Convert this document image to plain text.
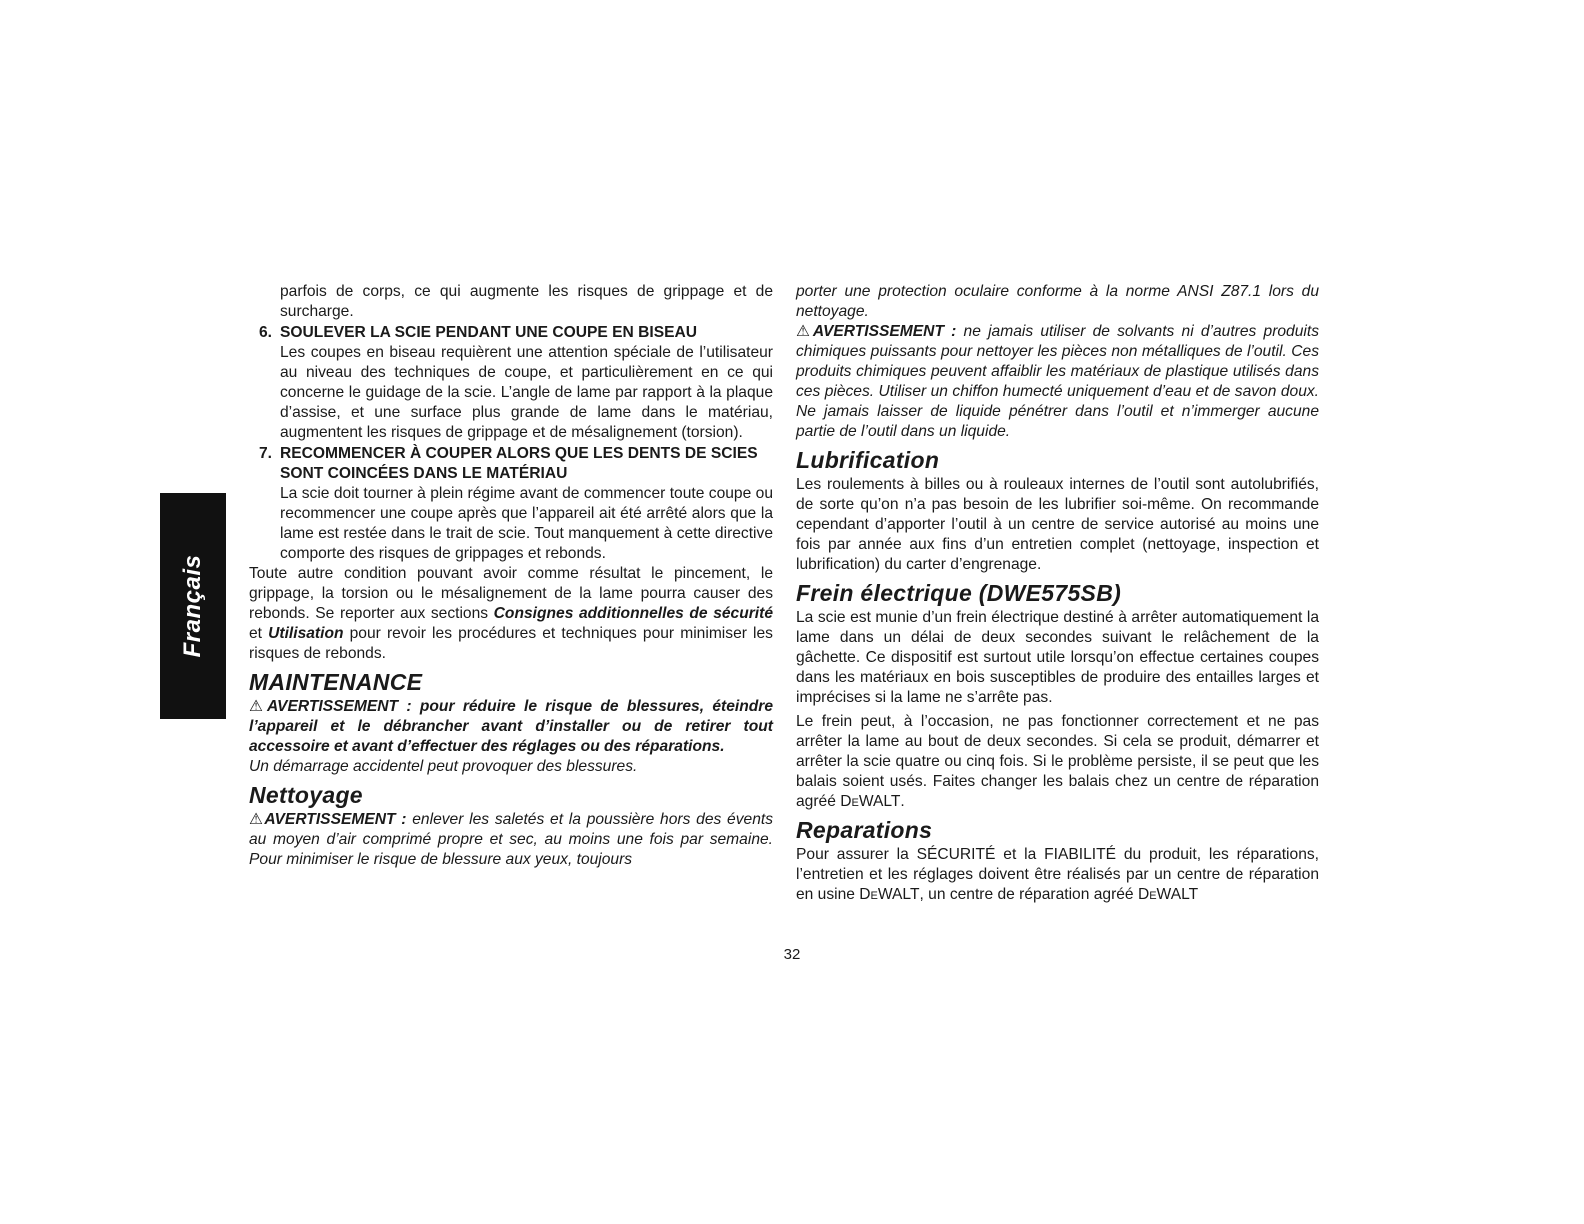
Français

parfois de corps, ce qui augmente les risques de grippage et de surcharge.

6. SOULEVER LA SCIE PENDANT UNE COUPE EN BISEAU

Les coupes en biseau requièrent une attention spéciale de l’utilisateur au niveau des techniques de coupe, et particulièrement en ce qui concerne le guidage de la scie. L’angle de lame par rapport à la plaque d’assise, et une surface plus grande de lame dans le matériau, augmentent les risques de grippage et de mésalignement (torsion).

7. RECOMMENCER À COUPER ALORS QUE LES DENTS DE SCIES SONT COINCÉES DANS LE MATÉRIAU

La scie doit tourner à plein régime avant de commencer toute coupe ou recommencer une coupe après que l’appareil ait été arrêté alors que la lame est restée dans le trait de scie. Tout manquement à cette directive comporte des risques de grippages et rebonds.

Toute autre condition pouvant avoir comme résultat le pincement, le grippage, la torsion ou le mésalignement de la lame pourra causer des rebonds. Se reporter aux sections Consignes additionnelles de sécurité et Utilisation pour revoir les procédures et techniques pour minimiser les risques de rebonds.

MAINTENANCE

⚠AVERTISSEMENT : pour réduire le risque de blessures, éteindre l’appareil et le débrancher avant d’installer ou de retirer tout accessoire et avant d’effectuer des réglages ou des réparations.

Un démarrage accidentel peut provoquer des blessures.

Nettoyage

⚠AVERTISSEMENT : enlever les saletés et la poussière hors des évents au moyen d’air comprimé propre et sec, au moins une fois par semaine. Pour minimiser le risque de blessure aux yeux, toujours

porter une protection oculaire conforme à la norme ANSI Z87.1 lors du nettoyage.

⚠AVERTISSEMENT : ne jamais utiliser de solvants ni d’autres produits chimiques puissants pour nettoyer les pièces non métalliques de l’outil. Ces produits chimiques peuvent affaiblir les matériaux de plastique utilisés dans ces pièces. Utiliser un chiffon humecté uniquement d’eau et de savon doux. Ne jamais laisser de liquide pénétrer dans l’outil et n’immerger aucune partie de l’outil dans un liquide.

Lubrification

Les roulements à billes ou à rouleaux internes de l’outil sont autolubrifiés, de sorte qu’on n’a pas besoin de les lubrifier soi-même. On recommande cependant d’apporter l’outil à un centre de service autorisé au moins une fois par année aux fins d’un entretien complet (nettoyage, inspection et lubrification) du carter d’engrenage.

Frein électrique (DWE575SB)

La scie est munie d’un frein électrique destiné à arrêter automatiquement la lame dans un délai de deux secondes suivant le relâchement de la gâchette. Ce dispositif est surtout utile lorsqu’on effectue certaines coupes dans les matériaux en bois susceptibles de produire des entailles larges et imprécises si la lame ne s’arrête pas.

Le frein peut, à l’occasion, ne pas fonctionner correctement et ne pas arrêter la lame au bout de deux secondes. Si cela se produit, démarrer et arrêter la scie quatre ou cinq fois. Si le problème persiste, il se peut que les balais soient usés. Faites changer les balais chez un centre de réparation agréé DeWALT.

Reparations

Pour assurer la SÉCURITÉ et la FIABILITÉ du produit, les réparations, l’entretien et les réglages doivent être réalisés par un centre de réparation en usine DeWALT, un centre de réparation agréé DeWALT

32
